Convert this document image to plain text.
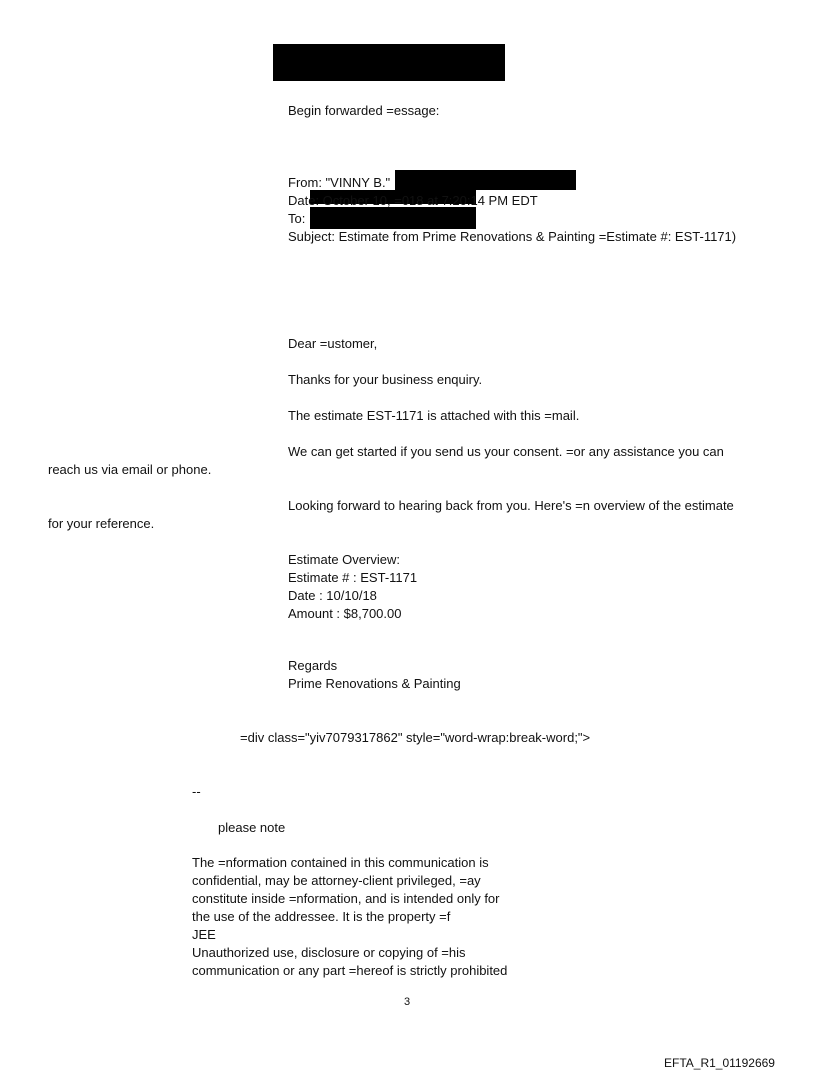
Begin forwarded =essage:
From: "VINNY B."
Date: October 10, =018 at 7:20:14 PM EDT
To:
Subject: Estimate from Prime Renovations & Painting =Estimate #: EST-1171)
Dear =ustomer,
Thanks for your business enquiry.
The estimate EST-1171 is attached with this =mail.
We can get started if you send us your consent. =or any assistance you can
reach us via email or phone.
Looking forward to hearing back from you. Here's =n overview of the estimate
for your reference.
Estimate Overview:
Estimate # : EST-1171
Date : 10/10/18
Amount : $8,700.00
Regards
Prime Renovations & Painting
=div class="yiv7079317862" style="word-wrap:break-word;">
--
please note
The =nformation contained in this communication is
confidential, may be attorney-client privileged, =ay
constitute inside =nformation, and is intended only for
the use of the addressee. It is the property =f
JEE
Unauthorized use, disclosure or copying of =his
communication or any part =hereof is strictly prohibited
3
EFTA_R1_01192669
